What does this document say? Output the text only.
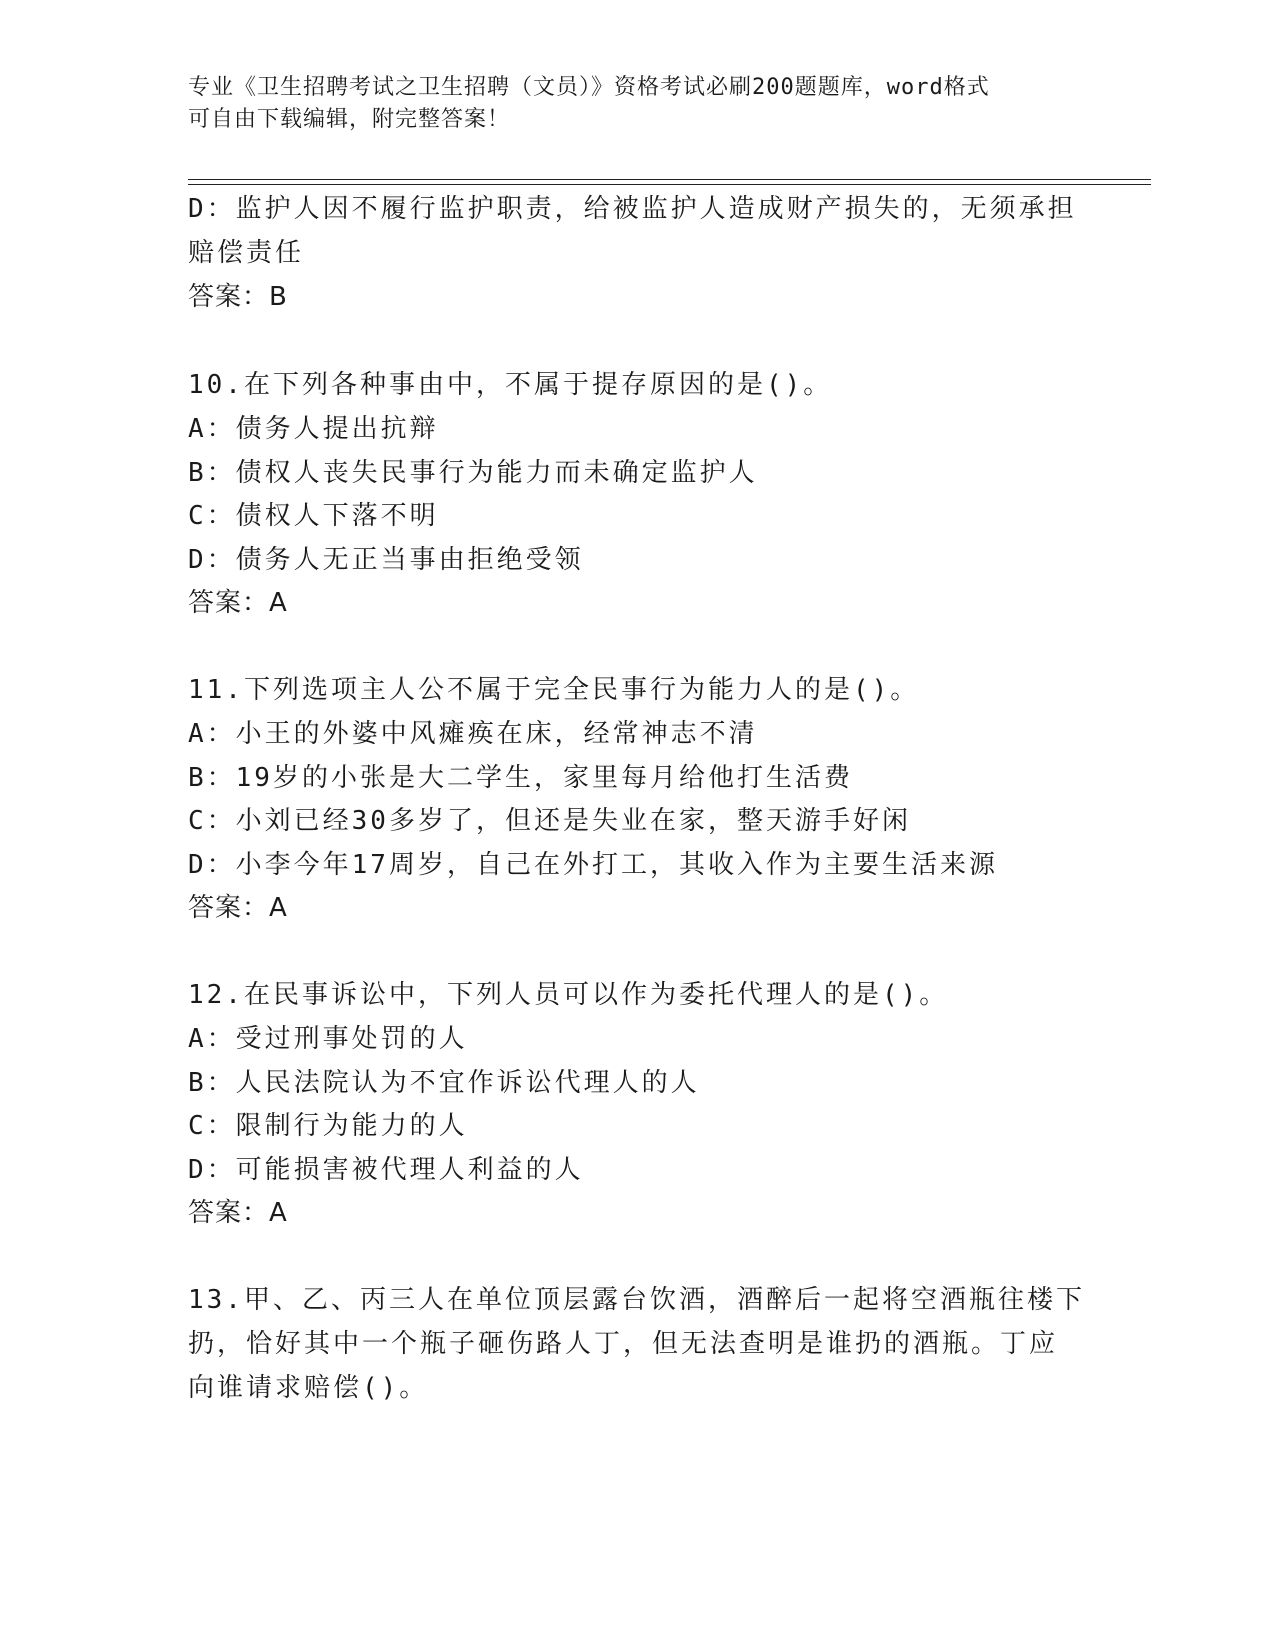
专业《卫生招聘考试之卫生招聘（文员）》资格考试必刷200题题库，word格式
可自由下载编辑，附完整答案！
D：监护人因不履行监护职责，给被监护人造成财产损失的，无须承担
赔偿责任
答案：B
10.在下列各种事由中，不属于提存原因的是()。
A：债务人提出抗辩
B：债权人丧失民事行为能力而未确定监护人
C：债权人下落不明
D：债务人无正当事由拒绝受领
答案：A
11.下列选项主人公不属于完全民事行为能力人的是()。
A：小王的外婆中风瘫痪在床，经常神志不清
B：19岁的小张是大二学生，家里每月给他打生活费
C：小刘已经30多岁了，但还是失业在家，整天游手好闲
D：小李今年17周岁，自己在外打工，其收入作为主要生活来源
答案：A
12.在民事诉讼中，下列人员可以作为委托代理人的是()。
A：受过刑事处罚的人
B：人民法院认为不宜作诉讼代理人的人
C：限制行为能力的人
D：可能损害被代理人利益的人
答案：A
13.甲、乙、丙三人在单位顶层露台饮酒，酒醉后一起将空酒瓶往楼下
扔，恰好其中一个瓶子砸伤路人丁，但无法查明是谁扔的酒瓶。丁应
向谁请求赔偿()。
